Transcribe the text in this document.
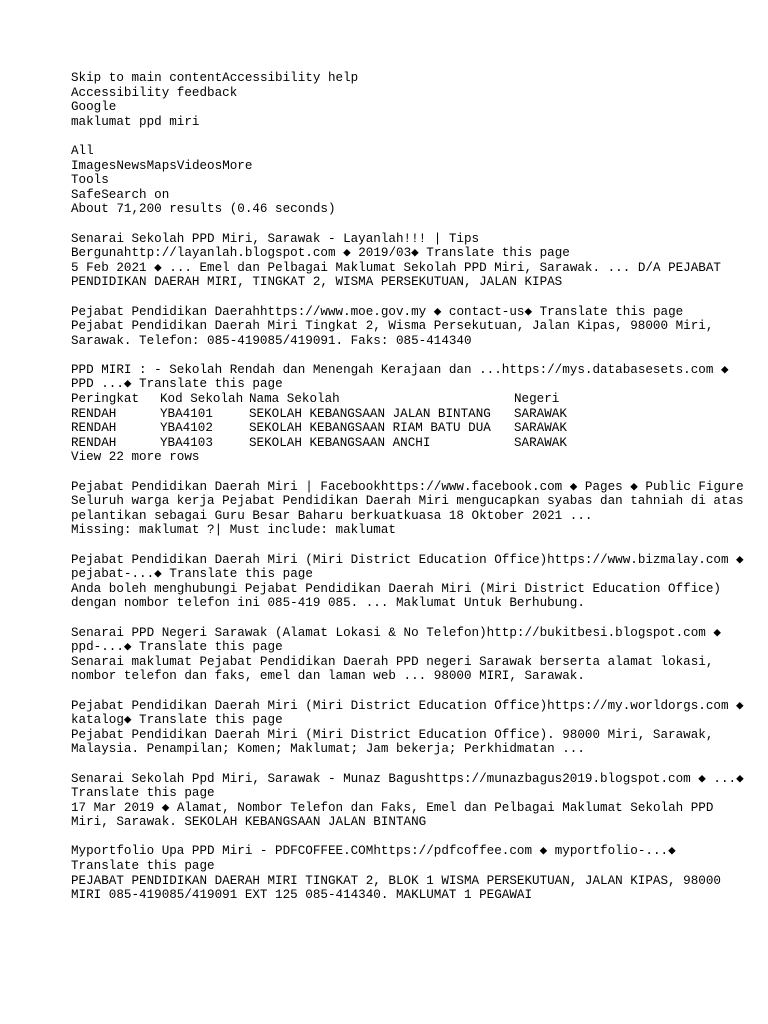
Skip to main contentAccessibility help
Accessibility feedback
Google
maklumat ppd miri
All
ImagesNewsMapsVideosMore
Tools
SafeSearch on
About 71,200 results (0.46 seconds)
Senarai Sekolah PPD Miri, Sarawak - Layanlah!!! | Tips Bergunahttp://layanlah.blogspot.com ◆ 2019/03◆ Translate this page
5 Feb 2021 ◆ ... Emel dan Pelbagai Maklumat Sekolah PPD Miri, Sarawak. ... D/A PEJABAT PENDIDIKAN DAERAH MIRI, TINGKAT 2, WISMA PERSEKUTUAN, JALAN KIPAS
Pejabat Pendidikan Daerahhttps://www.moe.gov.my ◆ contact-us◆ Translate this page
Pejabat Pendidikan Daerah Miri Tingkat 2, Wisma Persekutuan, Jalan Kipas, 98000 Miri, Sarawak. Telefon: 085-419085/419091. Faks: 085-414340
PPD MIRI : - Sekolah Rendah dan Menengah Kerajaan dan ...https://mys.databasesets.com ◆ PPD ...◆ Translate this page
Peringkat	Kod Sekolah	Nama Sekolah	Negeri
RENDAH	YBA4101	SEKOLAH KEBANGSAAN JALAN BINTANG	SARAWAK
RENDAH	YBA4102	SEKOLAH KEBANGSAAN RIAM BATU DUA	SARAWAK
RENDAH	YBA4103	SEKOLAH KEBANGSAAN ANCHI	SARAWAK
View 22 more rows
Pejabat Pendidikan Daerah Miri | Facebookhttps://www.facebook.com ◆ Pages ◆ Public Figure
Seluruh warga kerja Pejabat Pendidikan Daerah Miri mengucapkan syabas dan tahniah di atas pelantikan sebagai Guru Besar Baharu berkuatkuasa 18 Oktober 2021 ...
Missing: maklumat ?| Must include: maklumat
Pejabat Pendidikan Daerah Miri (Miri District Education Office)https://www.bizmalay.com ◆ pejabat-...◆ Translate this page
Anda boleh menghubungi Pejabat Pendidikan Daerah Miri (Miri District Education Office) dengan nombor telefon ini 085-419 085. ... Maklumat Untuk Berhubung.
Senarai PPD Negeri Sarawak (Alamat Lokasi & No Telefon)http://bukitbesi.blogspot.com ◆ ppd-...◆ Translate this page
Senarai maklumat Pejabat Pendidikan Daerah PPD negeri Sarawak berserta alamat lokasi, nombor telefon dan faks, emel dan laman web ... 98000 MIRI, Sarawak.
Pejabat Pendidikan Daerah Miri (Miri District Education Office)https://my.worldorgs.com ◆ katalog◆ Translate this page
Pejabat Pendidikan Daerah Miri (Miri District Education Office). 98000 Miri, Sarawak, Malaysia. Penampilan; Komen; Maklumat; Jam bekerja; Perkhidmatan ...
Senarai Sekolah Ppd Miri, Sarawak - Munaz Bagushttps://munazbagus2019.blogspot.com ◆ ...◆ Translate this page
17 Mar 2019 ◆ Alamat, Nombor Telefon dan Faks, Emel dan Pelbagai Maklumat Sekolah PPD Miri, Sarawak. SEKOLAH KEBANGSAAN JALAN BINTANG
Myportfolio Upa PPD Miri - PDFCOFFEE.COMhttps://pdfcoffee.com ◆ myportfolio-...◆ Translate this page
PEJABAT PENDIDIKAN DAERAH MIRI TINGKAT 2, BLOK 1 WISMA PERSEKUTUAN, JALAN KIPAS, 98000 MIRI 085-419085/419091 EXT 125 085-414340. MAKLUMAT 1 PEGAWAI
